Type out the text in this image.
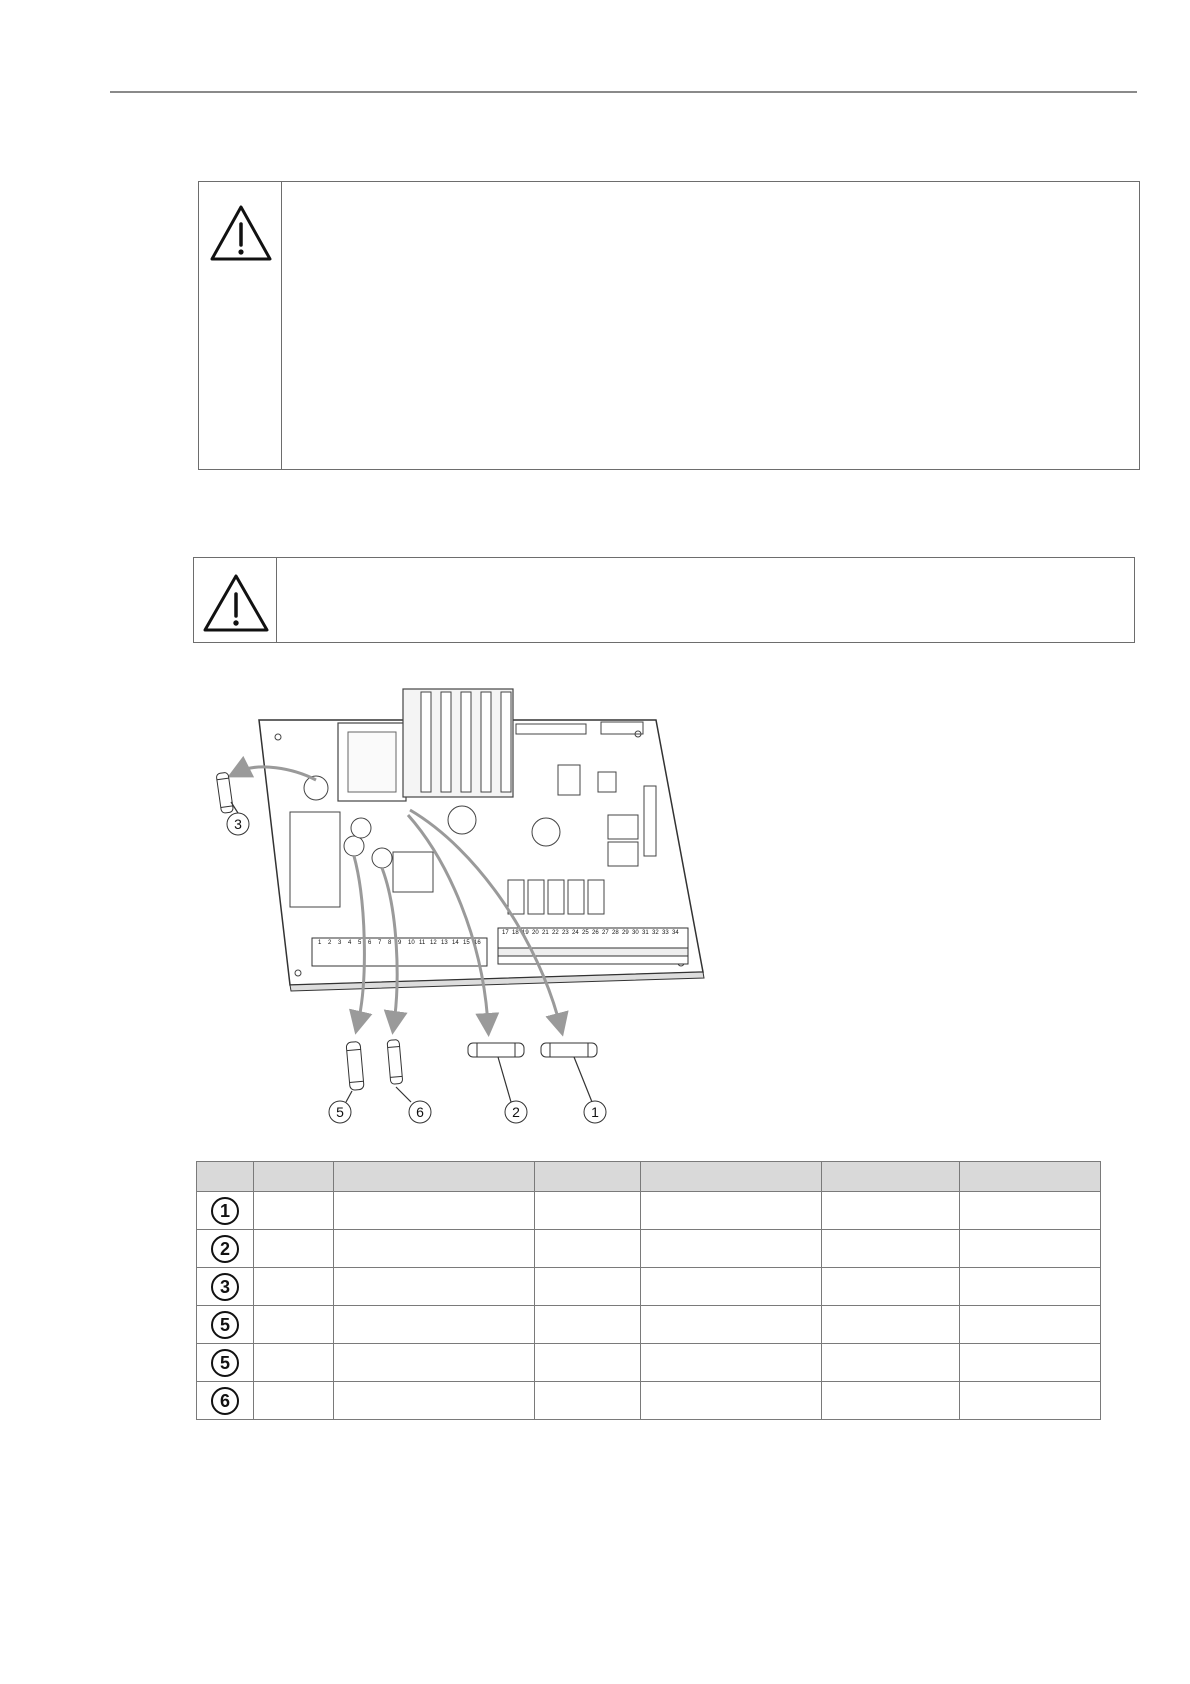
1 2 3 4 5 6 7 8 9 10 11 12 13 14 15 16
17 18 19 20 21 22 23 24 25 26 27 28 29 30 31 32 33 34
3
5	6	2	1

1						
2						
3						
5						
5						
6						
